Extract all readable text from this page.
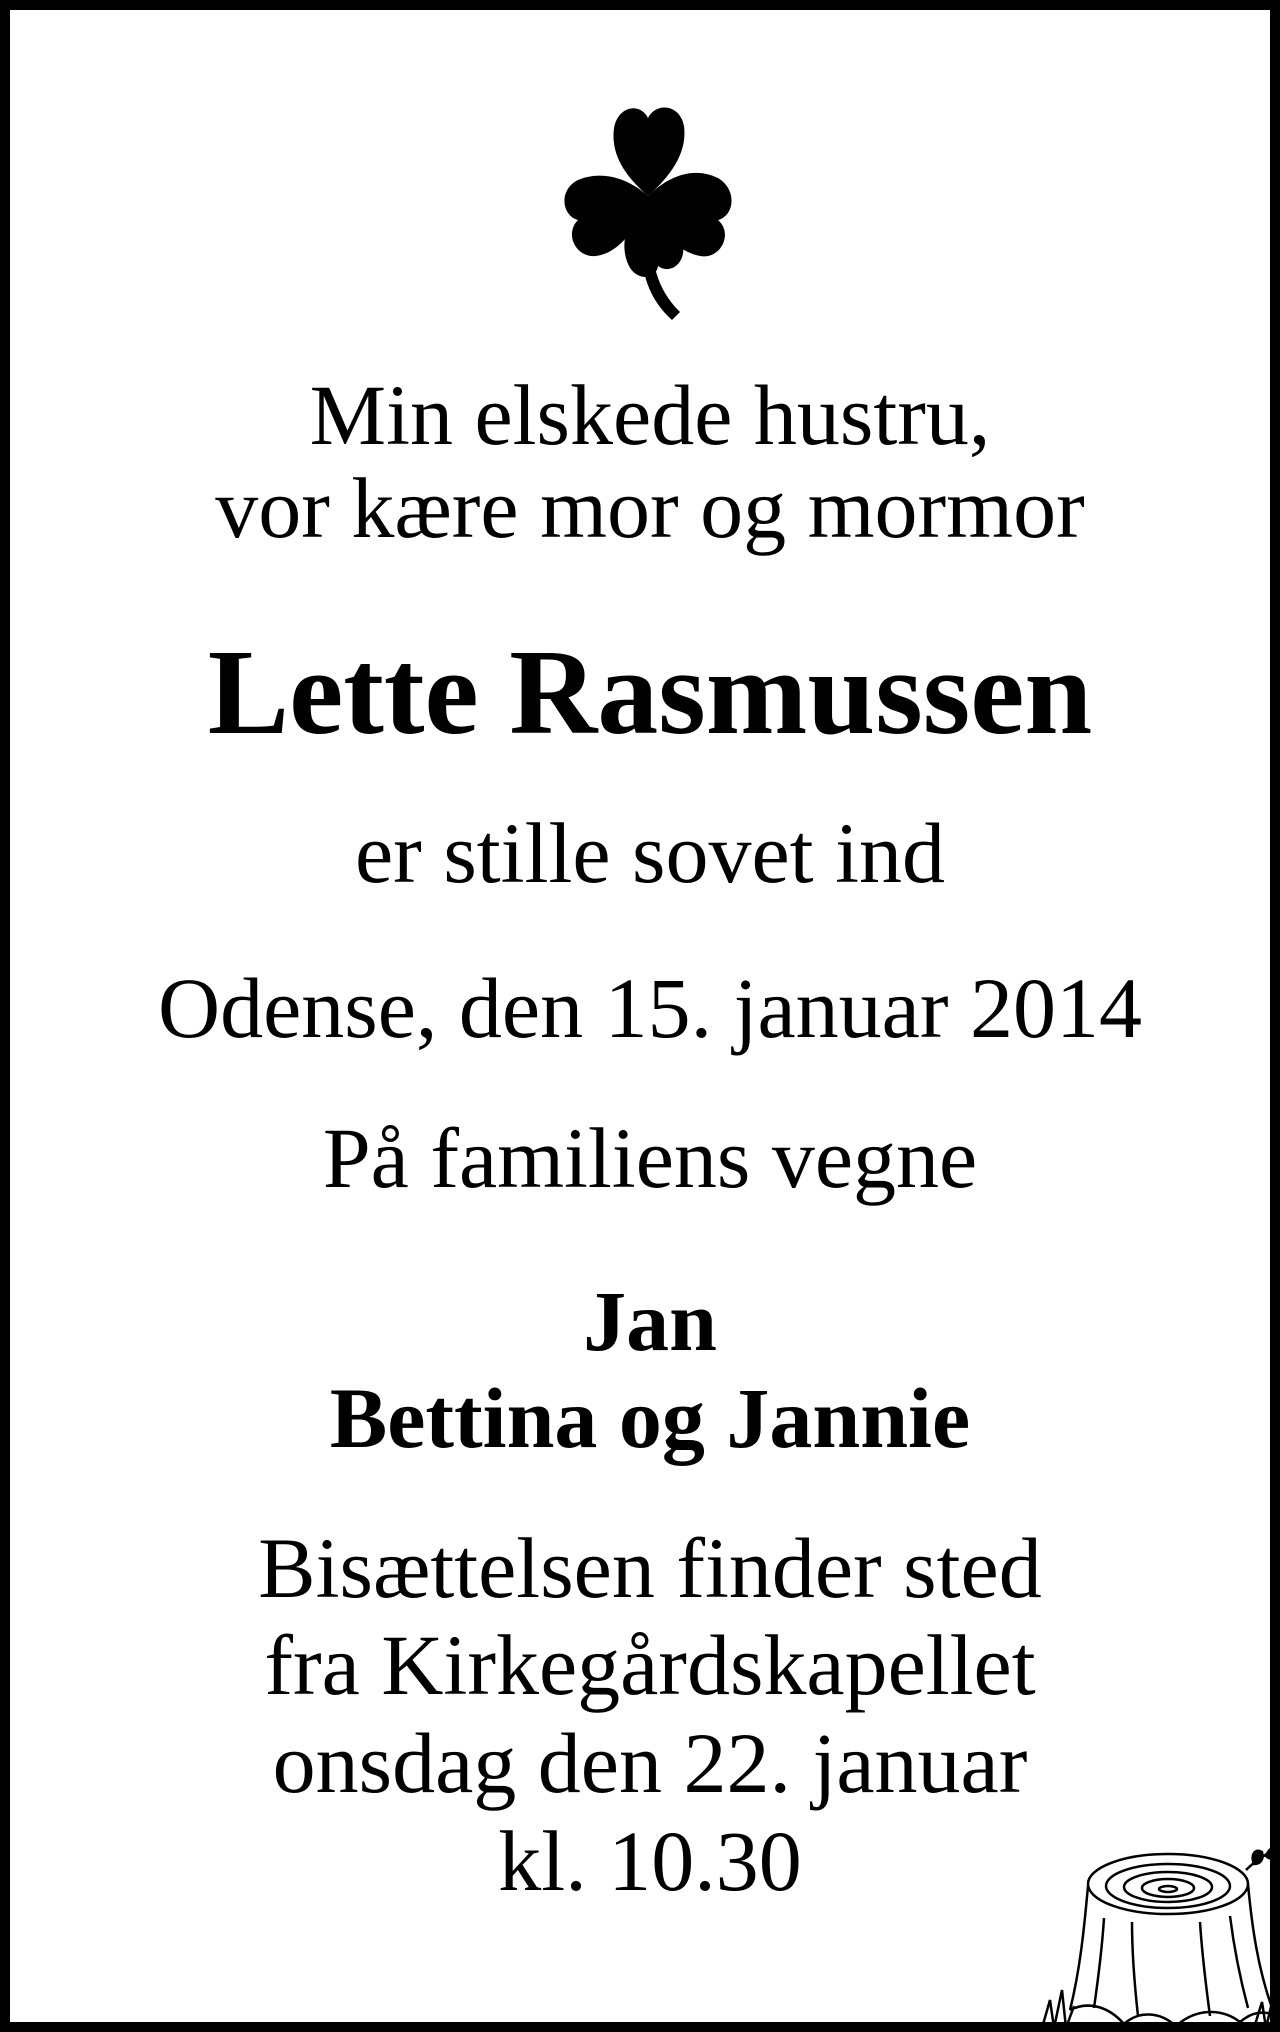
Min elskede hustru,
vor kære mor og mormor
Lette Rasmussen
er stille sovet ind
Odense, den 15. januar 2014
På familiens vegne
Jan
Bettina og Jannie
Bisættelsen finder sted
fra Kirkegårdskapellet
onsdag den 22. januar
kl. 10.30
